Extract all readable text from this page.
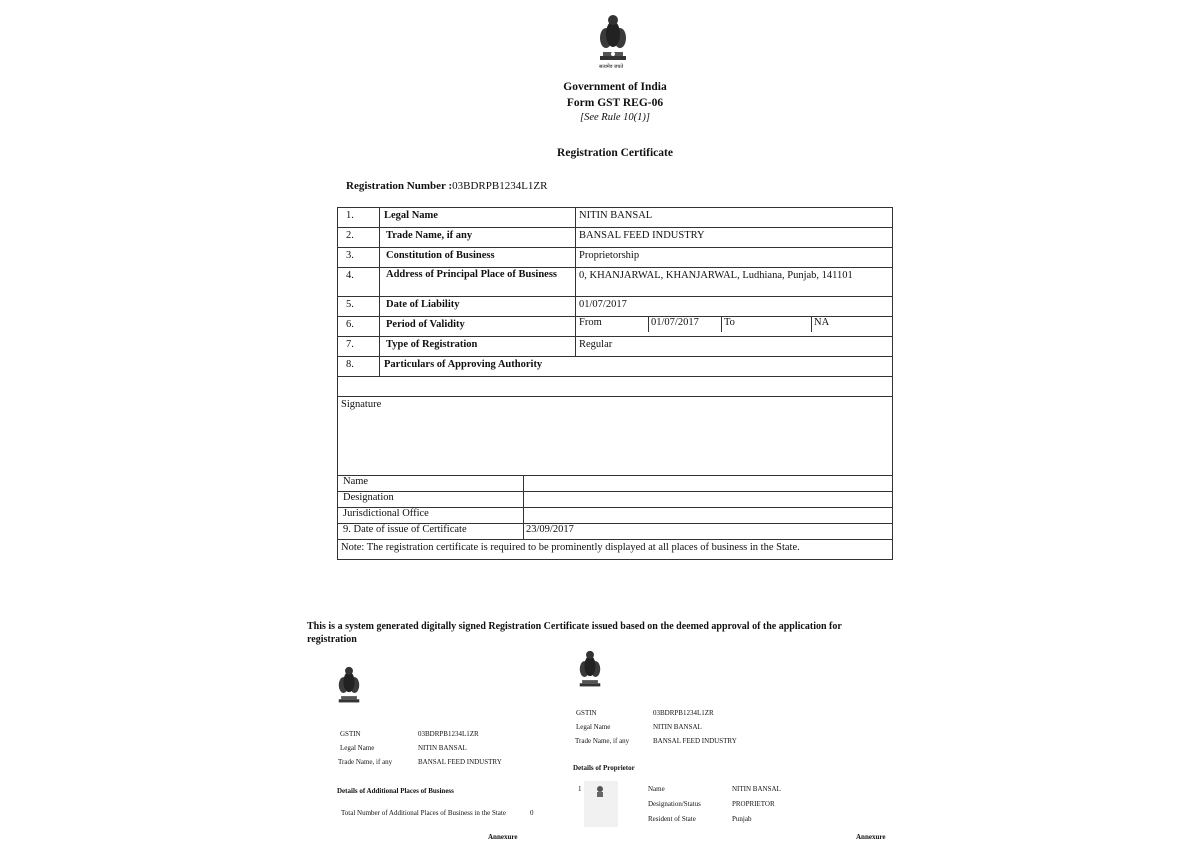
सत्यमेव जयते
Government of India
Form GST REG-06
[See Rule 10(1)]
Registration Certificate
Registration Number :03BDRPB1234L1ZR
1.	Legal Name	NITIN BANSAL
2.	Trade Name, if any	BANSAL FEED INDUSTRY
3.	Constitution of Business	Proprietorship
4.	Address of Principal Place of Business	0, KHANJARWAL, KHANJARWAL, Ludhiana, Punjab, 141101
5.	Date of Liability	01/07/2017
6.	Period of Validity		From	01/07/2017	To	NA

7.	Type of Registration	Regular
8.	Particulars of Approving Authority

Signature

Name	
Designation	
Jurisdictional Office	
9. Date of issue of Certificate	23/09/2017

Note: The registration certificate is required to be prominently displayed at all places of business in the State.
This is a system generated digitally signed Registration Certificate issued based on the deemed approval of the application for registration
GSTIN	03BDRPB1234L1ZR
Legal Name	NITIN BANSAL
Trade Name, if any	BANSAL FEED INDUSTRY
Details of Additional Places of Business
Total Number of Additional Places of Business in the State	0
Annexure
GSTIN	03BDRPB1234L1ZR
Legal Name	NITIN BANSAL
Trade Name, if any	BANSAL FEED INDUSTRY
Details of Proprietor
1	Name	NITIN BANSAL
Designation/Status	PROPRIETOR
Resident of State	Punjab
Annexure
